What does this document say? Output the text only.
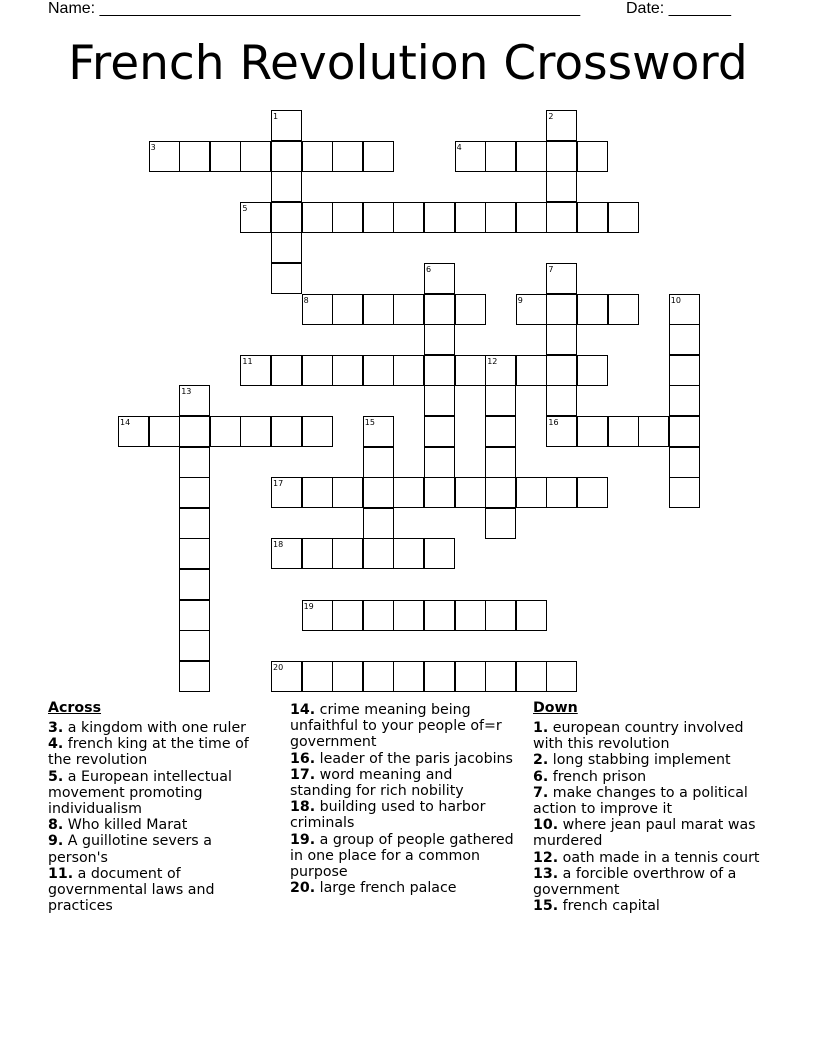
Name: ______________________________________________________	Date: _______
French Revolution Crossword
3	4
5
8	9
11
14	16
17
18
19
20
1	2
6	7
10
12
13
15
Across
3. a kingdom with one ruler
4. french king at the time of the revolution
5. a European intellectual movement promoting individualism
8. Who killed Marat
9. A guillotine severs a person's
11. a document of governmental laws and practices
14. crime meaning being unfaithful to your people of=r government
16. leader of the paris jacobins
17. word meaning and standing for rich nobility
18. building used to harbor criminals
19. a group of people gathered in one place for a common purpose
20. large french palace
Down
1. european country involved with this revolution
2. long stabbing implement
6. french prison
7. make changes to a political action to improve it
10. where jean paul marat was murdered
12. oath made in a tennis court
13. a forcible overthrow of a government
15. french capital
